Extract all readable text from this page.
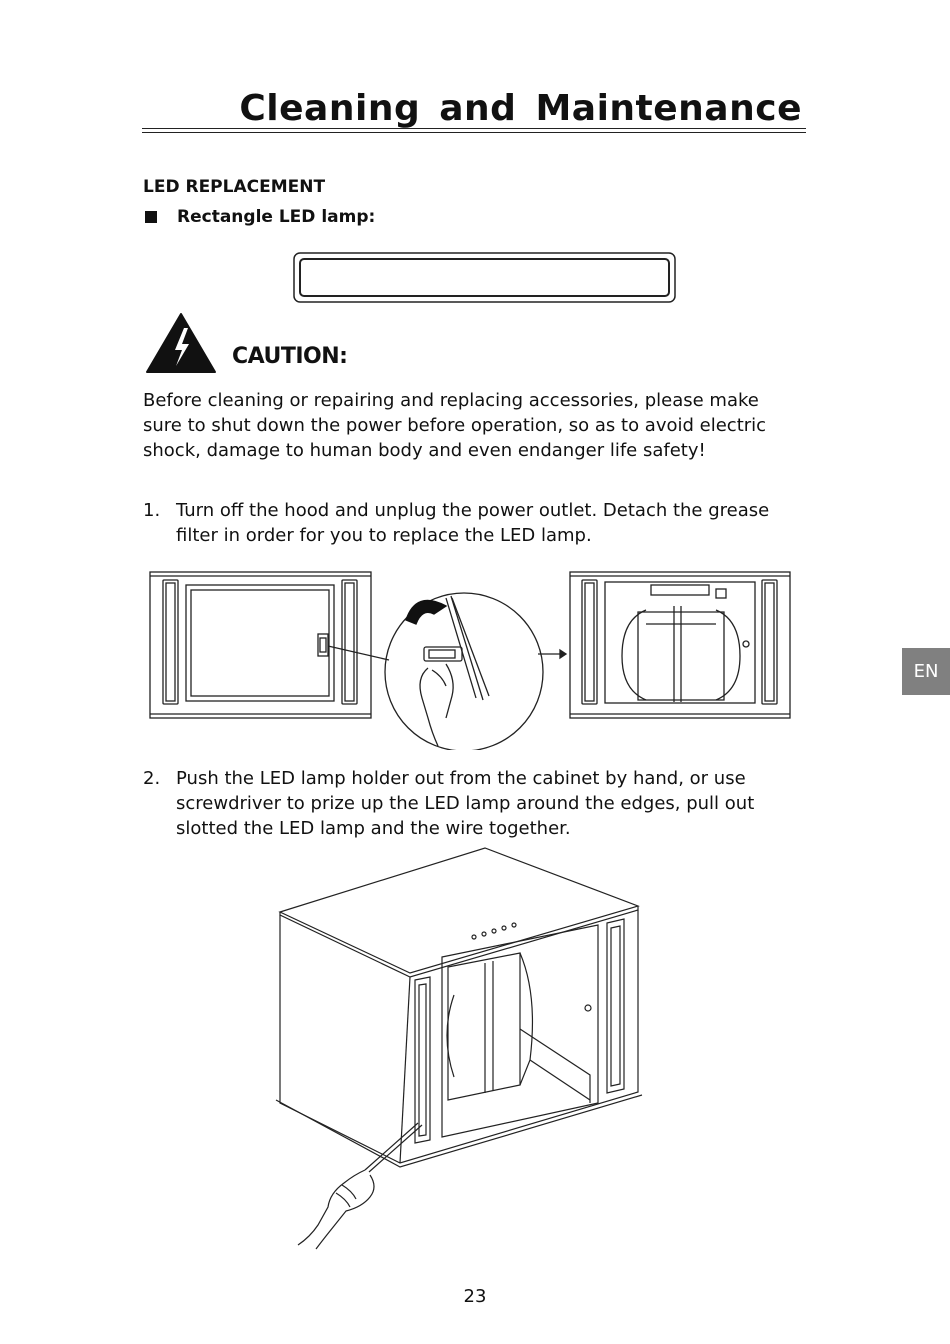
Cleaning and Maintenance
LED REPLACEMENT
Rectangle LED lamp:
CAUTION:
Before cleaning or repairing and replacing accessories, please make sure to shut down the power before operation, so as to avoid electric shock, damage to human body and even endanger life safety!
1. Turn off the hood and unplug the power outlet. Detach the grease filter in order for you to replace the LED lamp.
2. Push the LED lamp holder out from the cabinet by hand, or use screwdriver to prize up the LED lamp around the edges, pull out slotted the LED lamp and the wire together.
EN
23
